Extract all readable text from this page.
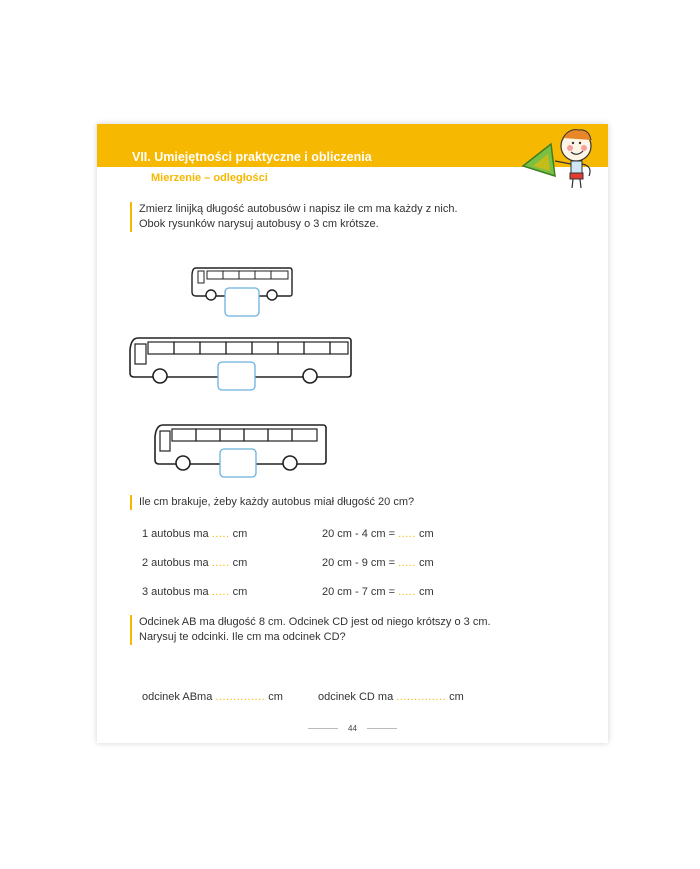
VII. Umiejętności praktyczne i obliczenia
Mierzenie – odległości
Zmierz linijką długość autobusów i napisz ile cm ma każdy z nich.
Obok rysunków narysuj autobusy o 3 cm krótsze.
Ile cm brakuje, żeby każdy autobus miał długość 20 cm?
1 autobus ma ..... cm	20 cm - 4 cm = ..... cm
2 autobus ma ..... cm	20 cm - 9 cm = ..... cm
3 autobus ma ..... cm	20 cm - 7 cm = ..... cm
Odcinek AB ma długość 8 cm. Odcinek CD jest od niego krótszy o 3 cm.
Narysuj te odcinki. Ile cm ma odcinek CD?
odcinek ABma .............. cm	odcinek CD ma .............. cm
44
